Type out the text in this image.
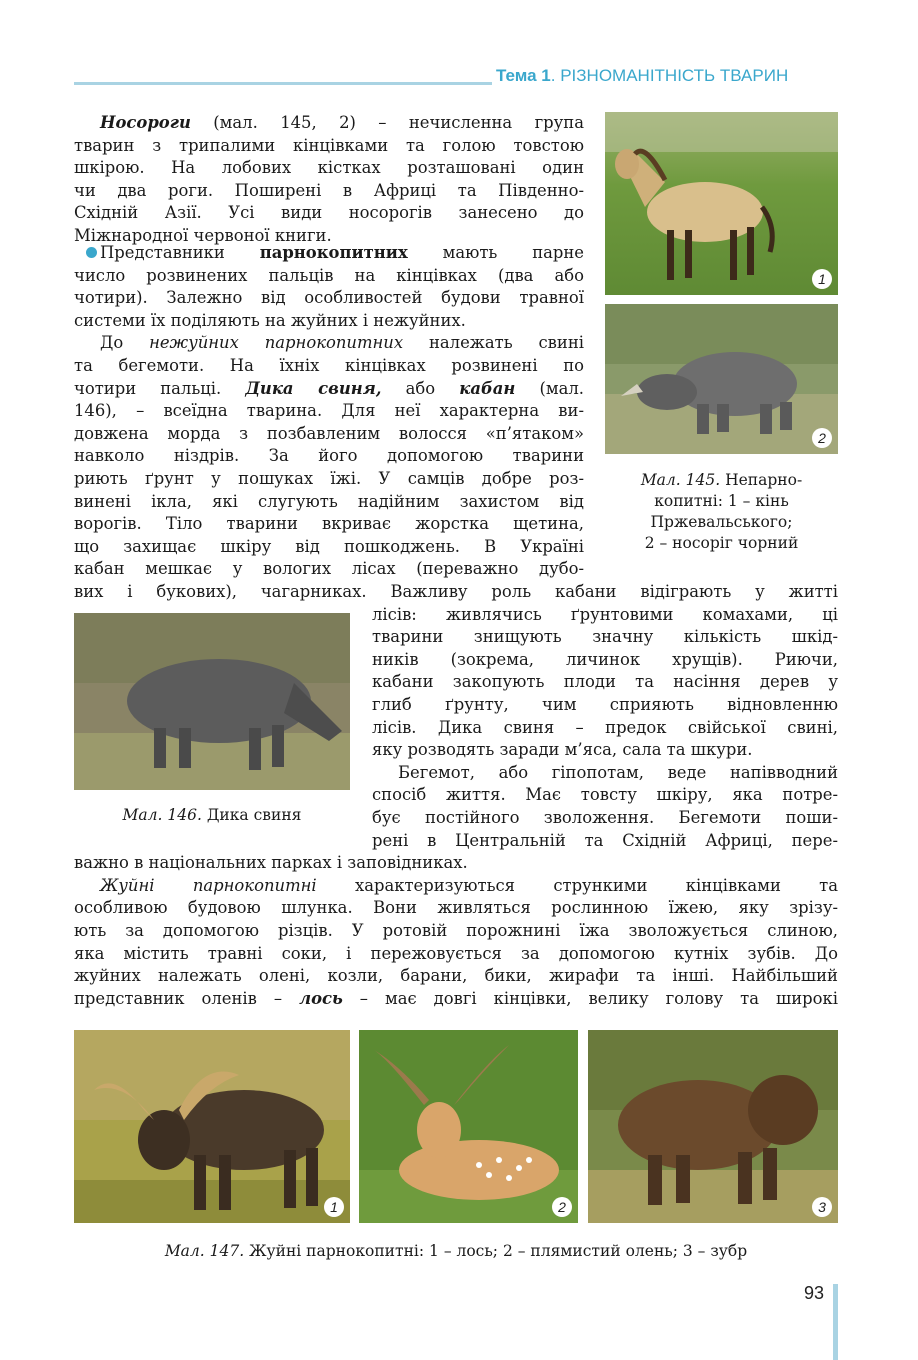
Тема 1. РІЗНОМАНІТНІСТЬ ТВАРИН
Носороги (мал. 145, 2) – нечисленна група
тварин з трипалими кінцівками та голою товстою
шкірою. На лобових кістках розташовані один
чи два роги. Поширені в Африці та Південно-
Східній Азії. Усі види носорогів занесено до
Міжнародної червоної книги.
Представники парнокопитних мають парне
число розвинених пальців на кінцівках (два або
чотири). Залежно від особливостей будови травної
системи їх поділяють на жуйних і нежуйних.
До нежуйних парнокопитних належать свині
та бегемоти. На їхніх кінцівках розвинені по
чотири пальці. Дика свиня, або кабан (мал.
146), – всеїдна тварина. Для неї характерна ви-
довжена морда з позбавленим волосся «п’ятаком»
навколо ніздрів. За його допомогою тварини
риють ґрунт у пошуках їжі. У самців добре роз-
винені ікла, які слугують надійним захистом від
ворогів. Тіло тварини вкриває жорстка щетина,
що захищає шкіру від пошкоджень. В Україні
кабан мешкає у вологих лісах (переважно дубо-
вих і букових), чагарниках. Важливу роль кабани відіграють у житті
лісів: живлячись ґрунтовими комахами, ці
тварини знищують значну кількість шкід-
ників (зокрема, личинок хрущів). Риючи,
кабани закопують плоди та насіння дерев у
глиб ґрунту, чим сприяють відновленню
лісів. Дика свиня – предок свійської свині,
яку розводять заради м’яса, сала та шкури.
Бегемот, або гіпопотам, веде напівводний
спосіб життя. Має товсту шкіру, яка потре-
бує постійного зволоження. Бегемоти поши-
рені в Центральній та Східній Африці, пере-
важно в національних парках і заповідниках.
Жуйні парнокопитні характеризуються стрункими кінцівками та
особливою будовою шлунка. Вони живляться рослинною їжею, яку зрізу-
ють за допомогою різців. У ротовій порожнині їжа зволожується слиною,
яка містить травні соки, і пережовується за допомогою кутніх зубів. До
жуйних належать олені, козли, барани, бики, жирафи та інші. Найбільший
представник оленів – лось – має довгі кінцівки, велику голову та широкі
1
2
Мал. 145. Непарно-
копитні: 1 – кінь
Пржевальського;
2 – носоріг чорний
Мал. 146. Дика свиня
1	2	3
Мал. 147. Жуйні парнокопитні: 1 – лось; 2 – плямистий олень; 3 – зубр
93
